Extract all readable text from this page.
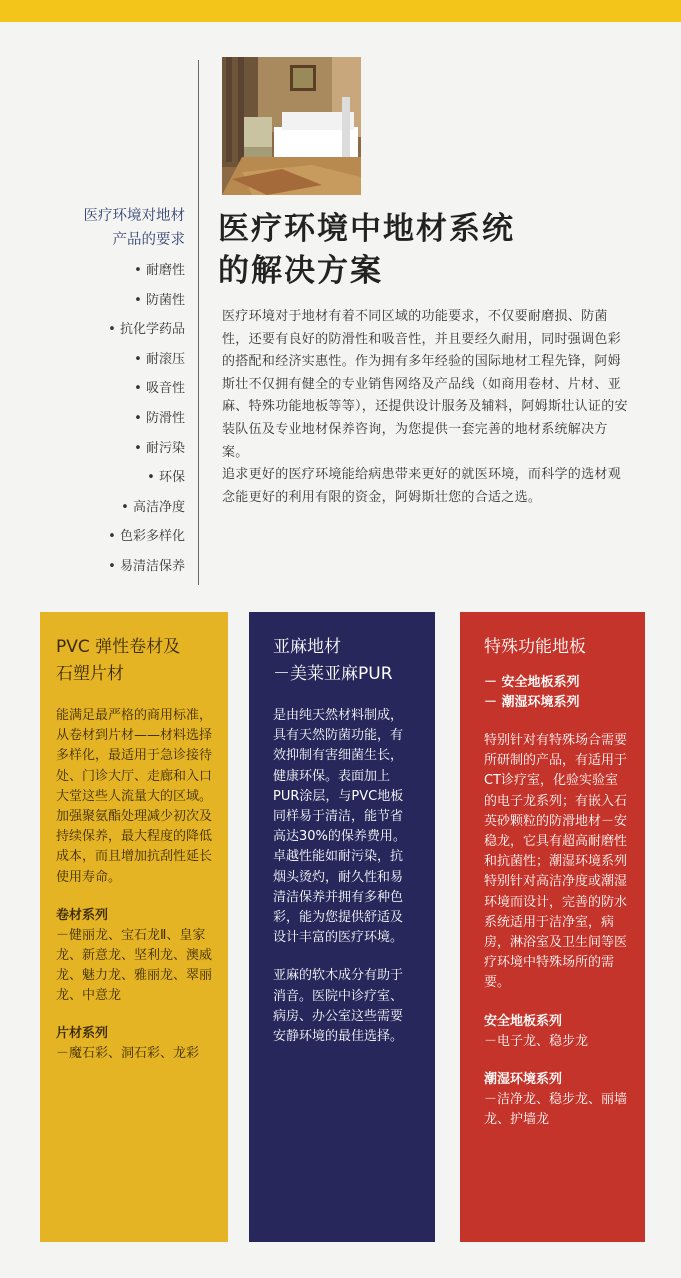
医疗环境对地材
产品的要求
• 耐磨性
• 防菌性
• 抗化学药品
• 耐滚压
• 吸音性
• 防滑性
• 耐污染
• 环保
• 高洁净度
• 色彩多样化
• 易清洁保养
医疗环境中地材系统
的解决方案

医疗环境对于地材有着不同区域的功能要求，不仅要耐磨损、防菌性，还要有良好的防滑性和吸音性，并且要经久耐用，同时强调色彩的搭配和经济实惠性。作为拥有多年经验的国际地材工程先锋，阿姆斯壮不仅拥有健全的专业销售网络及产品线（如商用卷材、片材、亚麻、特殊功能地板等等），还提供设计服务及辅料，阿姆斯壮认证的安装队伍及专业地材保养咨询，为您提供一套完善的地材系统解决方案。

追求更好的医疗环境能给病患带来更好的就医环境，而科学的选材观念能更好的利用有限的资金，阿姆斯壮您的合适之选。

PVC 弹性卷材及
石塑片材

能满足最严格的商用标准，从卷材到片材——材料选择多样化，最适用于急诊接待处、门诊大厅、走廊和入口大堂这些人流量大的区域。加强聚氨酯处理减少初次及持续保养，最大程度的降低成本，而且增加抗刮性延长使用寿命。

卷材系列
－健丽龙、宝石龙Ⅱ、皇家龙、新意龙、坚利龙、澳威龙、魅力龙、雅丽龙、翠丽龙、中意龙
片材系列
－魔石彩、洞石彩、龙彩
亚麻地材
－美莱亚麻PUR

是由纯天然材料制成，具有天然防菌功能，有效抑制有害细菌生长，健康环保。表面加上PUR涂层，与PVC地板同样易于清洁，能节省高达30%的保养费用。卓越性能如耐污染，抗烟头烫灼，耐久性和易清洁保养并拥有多种色彩，能为您提供舒适及设计丰富的医疗环境。

亚麻的软木成分有助于消音。医院中诊疗室、病房、办公室这些需要安静环境的最佳选择。

特殊功能地板
－ 安全地板系列
－ 潮湿环境系列

特别针对有特殊场合需要所研制的产品，有适用于CT诊疗室，化验实验室的电子龙系列；有嵌入石英砂颗粒的防滑地材－安稳龙，它具有超高耐磨性和抗菌性；潮湿环境系列特别针对高洁净度或潮湿环境而设计，完善的防水系统适用于洁净室，病房，淋浴室及卫生间等医疗环境中特殊场所的需要。

安全地板系列
－电子龙、稳步龙
潮湿环境系列
－洁净龙、稳步龙、丽墙龙、护墙龙
